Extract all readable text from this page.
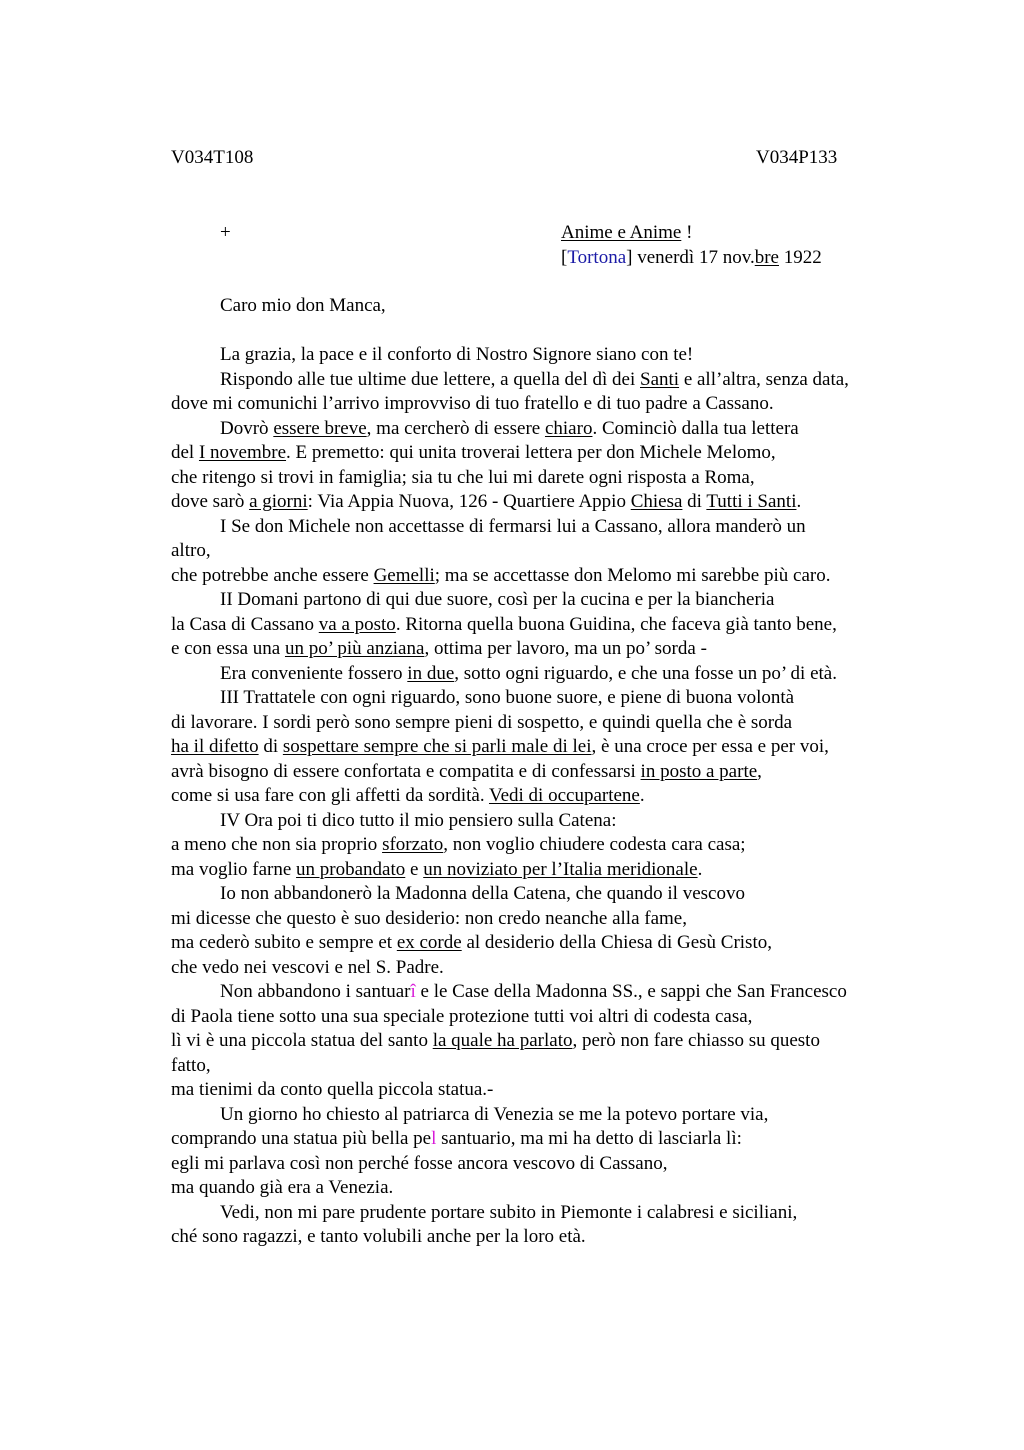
V034T108	V034P133
+	Anime e Anime !
[Tortona] venerdì 17 nov.bre 1922
Caro mio don Manca,
La grazia, la pace e il conforto di Nostro Signore siano con te!
Rispondo alle tue ultime due lettere, a quella del dì dei Santi e all’altra, senza data,
dove mi comunichi l’arrivo improvviso di tuo fratello e di tuo padre a Cassano.
Dovrò essere breve, ma cercherò di essere chiaro. Cominciò dalla tua lettera
del I novembre. E premetto: qui unita troverai lettera per don Michele Melomo,
che ritengo si trovi in famiglia; sia tu che lui mi darete ogni risposta a Roma,
dove sarò a giorni: Via Appia Nuova, 126 - Quartiere Appio Chiesa di Tutti i Santi.
I Se don Michele non accettasse di fermarsi lui a Cassano, allora manderò un
altro,
che potrebbe anche essere Gemelli; ma se accettasse don Melomo mi sarebbe più caro.
II Domani partono di qui due suore, così per la cucina e per la biancheria
la Casa di Cassano va a posto. Ritorna quella buona Guidina, che faceva già tanto bene,
e con essa una un po’ più anziana, ottima per lavoro, ma un po’ sorda -
Era conveniente fossero in due, sotto ogni riguardo, e che una fosse un po’ di età.
III Trattatele con ogni riguardo, sono buone suore, e piene di buona volontà
di lavorare. I sordi però sono sempre pieni di sospetto, e quindi quella che è sorda
ha il difetto di sospettare sempre che si parli male di lei, è una croce per essa e per voi,
avrà bisogno di essere confortata e compatita e di confessarsi in posto a parte,
come si usa fare con gli affetti da sordità. Vedi di occupartene.
IV Ora poi ti dico tutto il mio pensiero sulla Catena:
a meno che non sia proprio sforzato, non voglio chiudere codesta cara casa;
ma voglio farne un probandato e un noviziato per l’Italia meridionale.
Io non abbandonerò la Madonna della Catena, che quando il vescovo
mi dicesse che questo è suo desiderio: non credo neanche alla fame,
ma cederò subito e sempre et ex corde al desiderio della Chiesa di Gesù Cristo,
che vedo nei vescovi e nel S. Padre.
Non abbandono i santuarî e le Case della Madonna SS., e sappi che San Francesco
di Paola tiene sotto una sua speciale protezione tutti voi altri di codesta casa,
lì vi è una piccola statua del santo la quale ha parlato, però non fare chiasso su questo
fatto,
ma tienimi da conto quella piccola statua.-
Un giorno ho chiesto al patriarca di Venezia se me la potevo portare via,
comprando una statua più bella pel santuario, ma mi ha detto di lasciarla lì:
egli mi parlava così non perché fosse ancora vescovo di Cassano,
ma quando già era a Venezia.
Vedi, non mi pare prudente portare subito in Piemonte i calabresi e siciliani,
ché sono ragazzi, e tanto volubili anche per la loro età.
